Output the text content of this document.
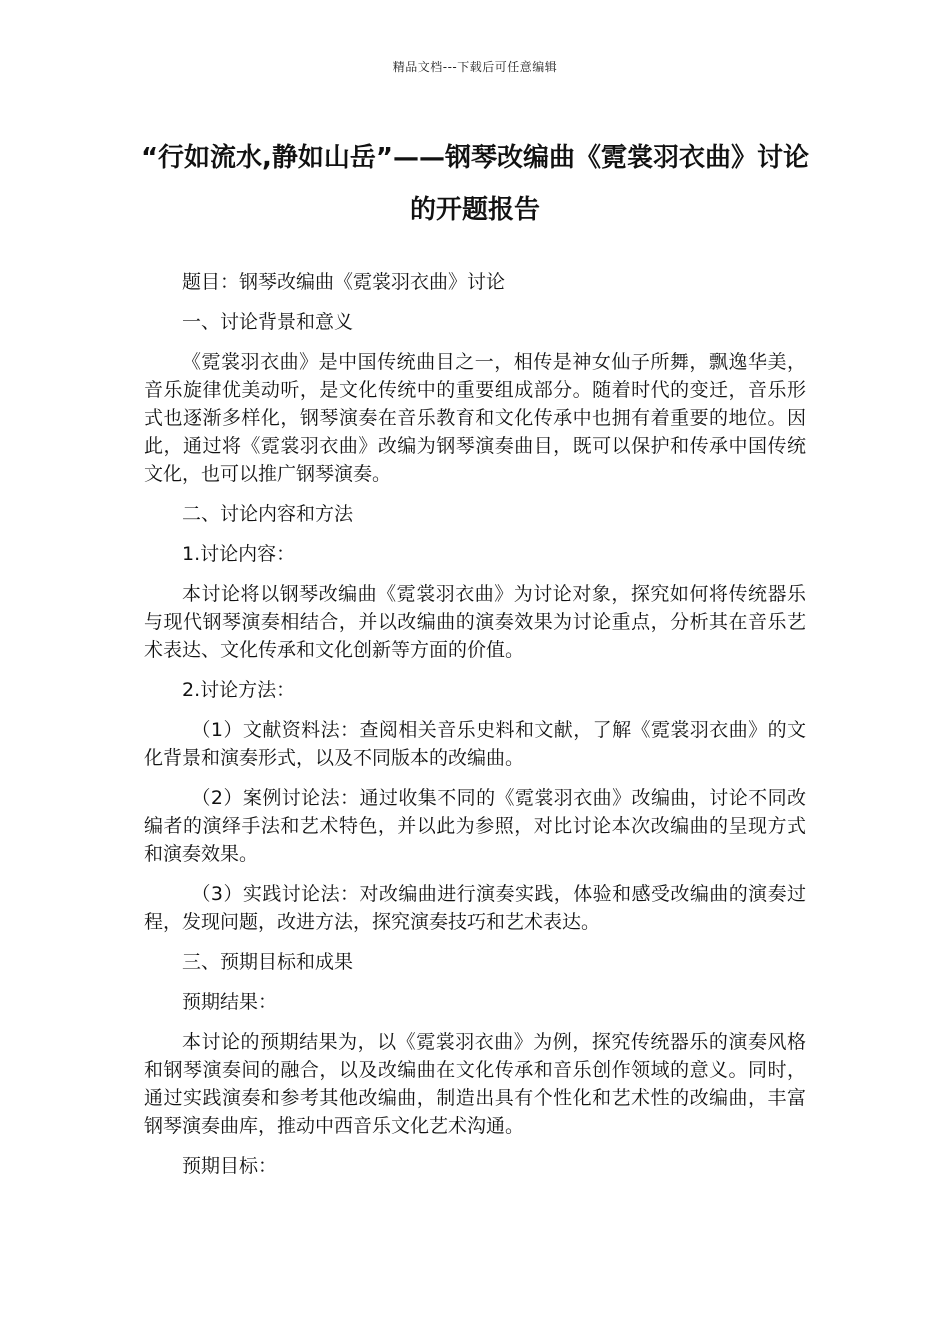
精品文档---下载后可任意编辑
“行如流水,静如山岳”——钢琴改编曲《霓裳羽衣曲》讨论的开题报告

题目：钢琴改编曲《霓裳羽衣曲》讨论

一、讨论背景和意义

《霓裳羽衣曲》是中国传统曲目之一，相传是神女仙子所舞，飘逸华美，音乐旋律优美动听，是文化传统中的重要组成部分。随着时代的变迁，音乐形式也逐渐多样化，钢琴演奏在音乐教育和文化传承中也拥有着重要的地位。因此，通过将《霓裳羽衣曲》改编为钢琴演奏曲目，既可以保护和传承中国传统文化，也可以推广钢琴演奏。

二、讨论内容和方法

1.讨论内容：

本讨论将以钢琴改编曲《霓裳羽衣曲》为讨论对象，探究如何将传统器乐与现代钢琴演奏相结合，并以改编曲的演奏效果为讨论重点，分析其在音乐艺术表达、文化传承和文化创新等方面的价值。

2.讨论方法：

（1）文献资料法：查阅相关音乐史料和文献，了解《霓裳羽衣曲》的文化背景和演奏形式，以及不同版本的改编曲。

（2）案例讨论法：通过收集不同的《霓裳羽衣曲》改编曲，讨论不同改编者的演绎手法和艺术特色，并以此为参照，对比讨论本次改编曲的呈现方式和演奏效果。

（3）实践讨论法：对改编曲进行演奏实践，体验和感受改编曲的演奏过程，发现问题，改进方法，探究演奏技巧和艺术表达。

三、预期目标和成果

预期结果：

本讨论的预期结果为，以《霓裳羽衣曲》为例，探究传统器乐的演奏风格和钢琴演奏间的融合，以及改编曲在文化传承和音乐创作领域的意义。同时，通过实践演奏和参考其他改编曲，制造出具有个性化和艺术性的改编曲，丰富钢琴演奏曲库，推动中西音乐文化艺术沟通。

预期目标：
